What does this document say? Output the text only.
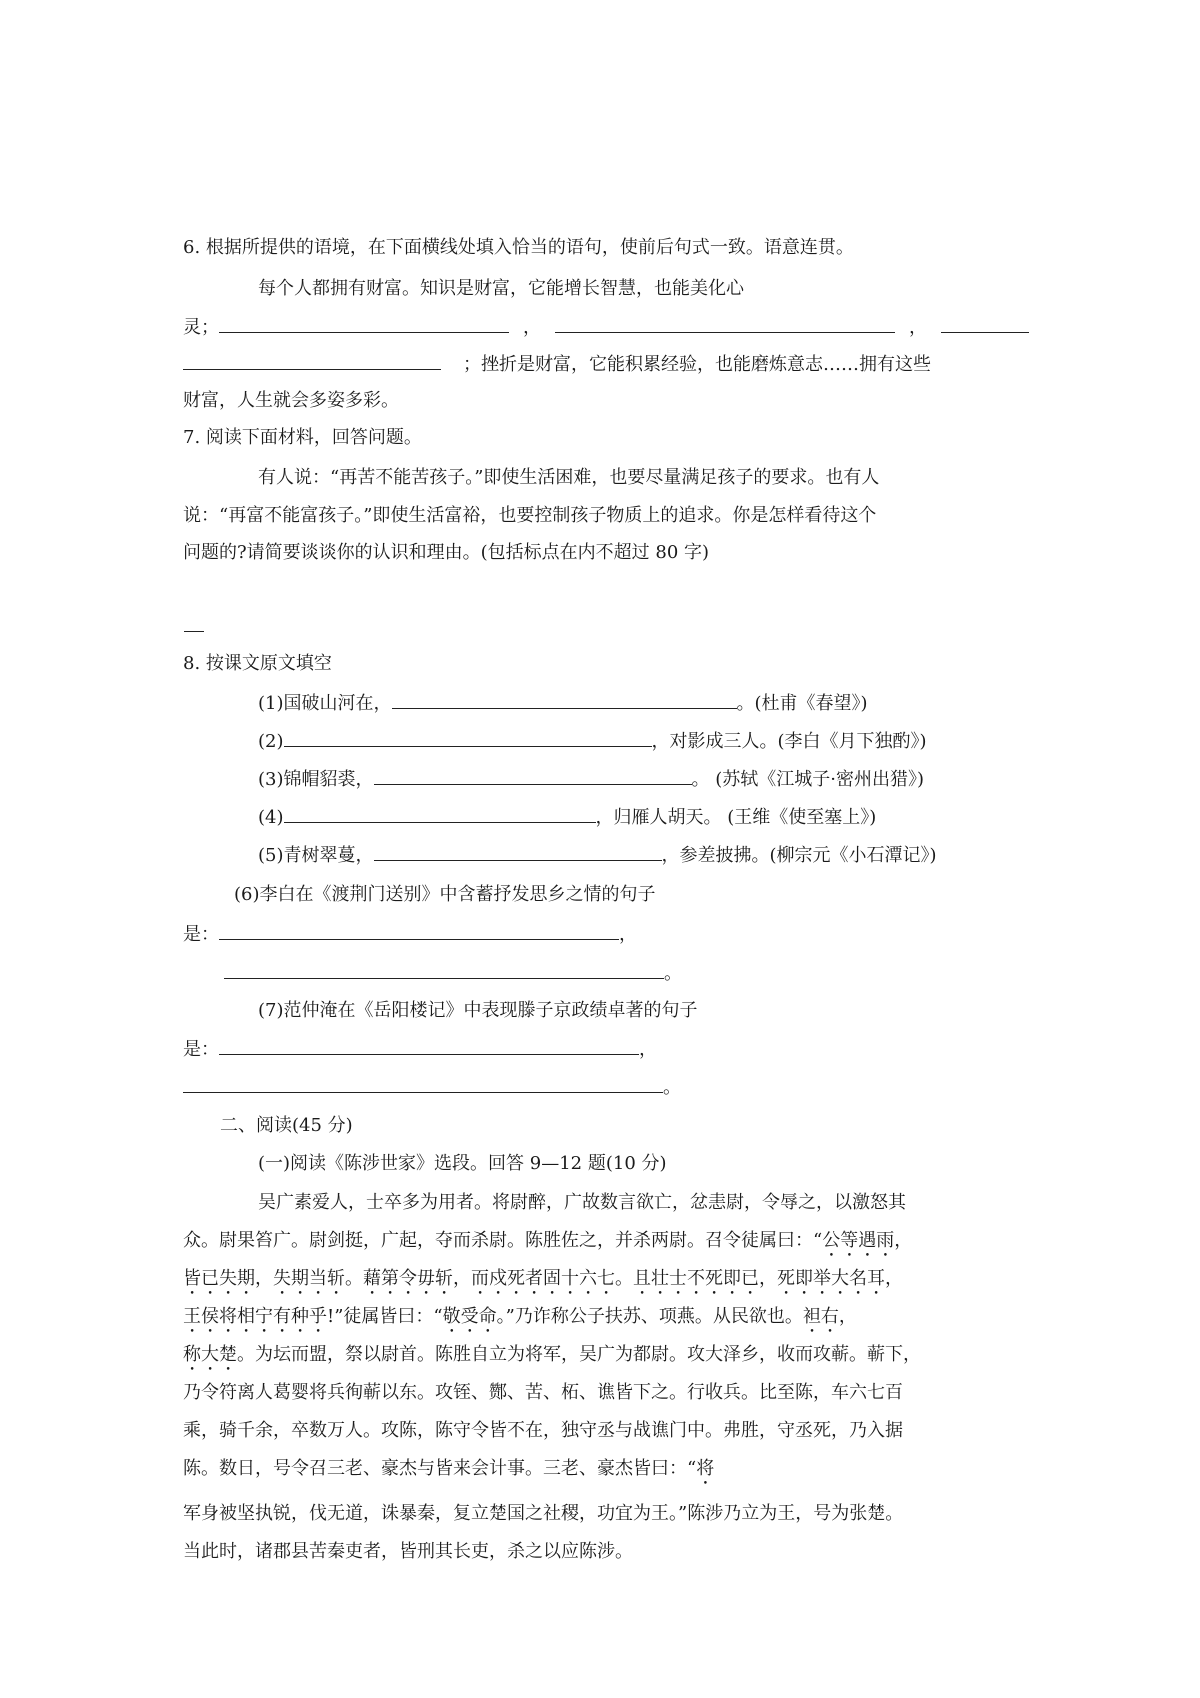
6. 根据所提供的语境，在下面横线处填入恰当的语句，使前后句式一致。语意连贯。
每个人都拥有财富。知识是财富，它能增长智慧，也能美化心
灵；	，	，
；挫折是财富，它能积累经验，也能磨炼意志……拥有这些
财富，人生就会多姿多彩。
7. 阅读下面材料，回答问题。
有人说：“再苦不能苦孩子。”即使生活困难，也要尽量满足孩子的要求。也有人
说：“再富不能富孩子。”即使生活富裕，也要控制孩子物质上的追求。你是怎样看待这个
问题的?请简要谈谈你的认识和理由。(包括标点在内不超过 80 字)
8. 按课文原文填空
(1)国破山河在，	。(杜甫《春望》)
(2)	，对影成三人。(李白《月下独酌》)
(3)锦帽貂裘，	。 (苏轼《江城子·密州出猎》)
(4)	，归雁人胡天。 (王维《使至塞上》)
(5)青树翠蔓，	，参差披拂。(柳宗元《小石潭记》)
(6)李白在《渡荆门送别》中含蓄抒发思乡之情的句子
是：	，
。
(7)范仲淹在《岳阳楼记》中表现滕子京政绩卓著的句子
是：	，
。
二、阅读(45 分)
(一)阅读《陈涉世家》选段。回答 9—12 题(10 分)
吴广素爱人，士卒多为用者。将尉醉，广故数言欲亡，忿恚尉，令辱之，以激怒其
众。尉果笞广。尉剑挺，广起，夺而杀尉。陈胜佐之，并杀两尉。召令徒属曰：“公等遇雨，
皆已失期，失期当斩。藉第令毋斩，而戍死者固十六七。且壮士不死即已，死即举大名耳，
王侯将相宁有种乎!”徒属皆曰：“敬受命。”乃诈称公子扶苏、项燕。从民欲也。袒右，
称大楚。为坛而盟，祭以尉首。陈胜自立为将军，吴广为都尉。攻大泽乡，收而攻蕲。蕲下，
乃令符离人葛婴将兵徇蕲以东。攻铚、酂、苦、柘、谯皆下之。行收兵。比至陈，车六七百
乘，骑千余，卒数万人。攻陈，陈守令皆不在，独守丞与战谯门中。弗胜，守丞死，乃入据
陈。数日，号令召三老、豪杰与皆来会计事。三老、豪杰皆曰：“将
军身被坚执锐，伐无道，诛暴秦，复立楚国之社稷，功宜为王。”陈涉乃立为王，号为张楚。
当此时，诸郡县苦秦吏者，皆刑其长吏，杀之以应陈涉。
